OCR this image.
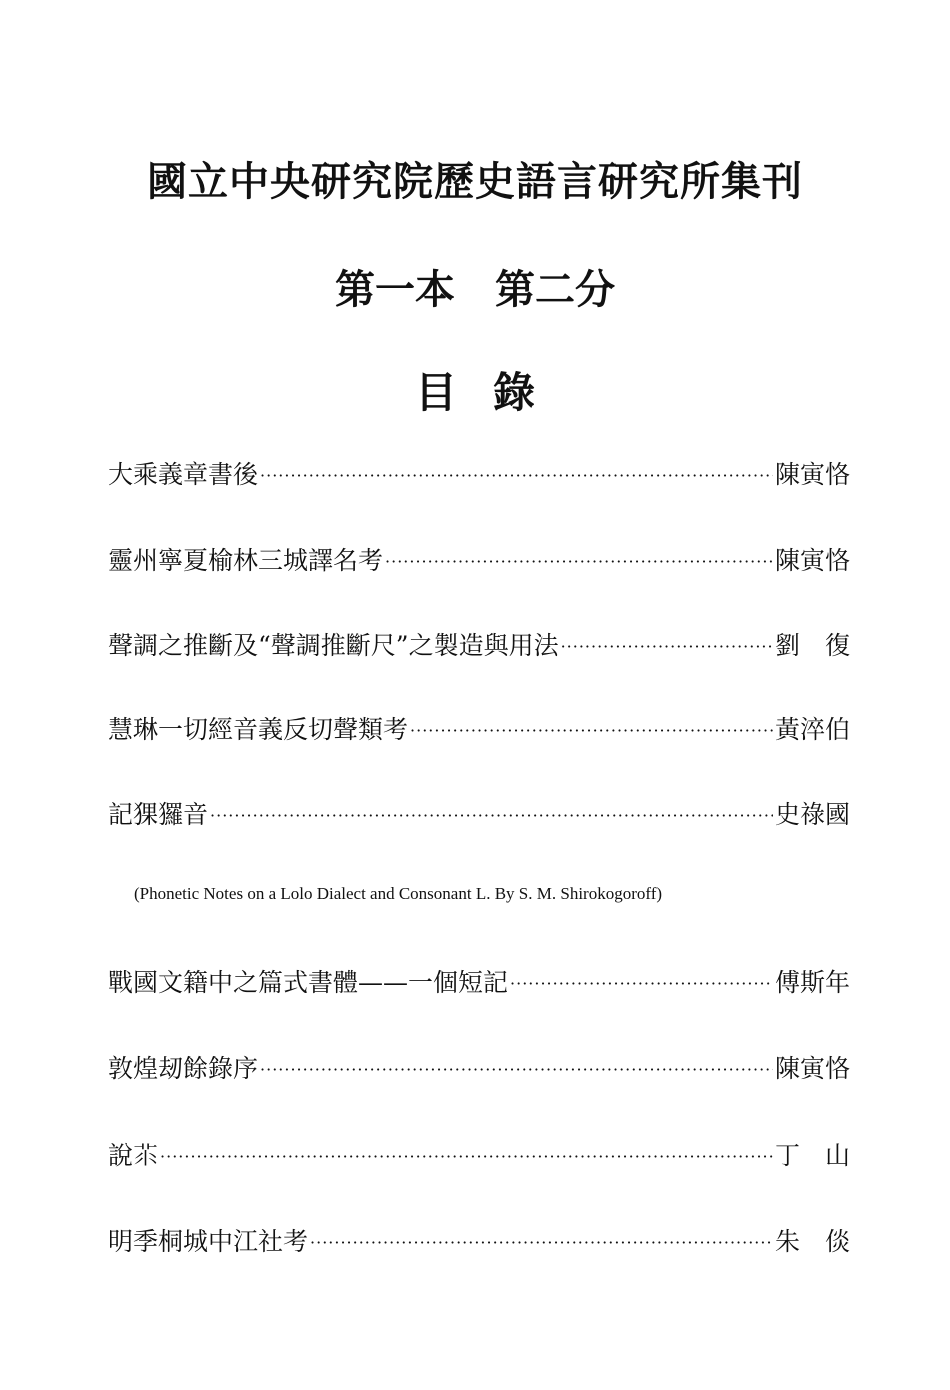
國立中央研究院歷史語言研究所集刊
第一本　第二分
目錄
大乘義章書後 ·····	陳寅恪
靈州寧夏榆林三城譯名考 ·····	陳寅恪
聲調之推斷及“聲調推斷尺”之製造與用法 ·····	劉　復
慧琳一切經音義反切聲類考 ·····	黃淬伯
記猓玀音 ·····	史祿國
(Phonetic Notes on a Lolo Dialect and Consonant L. By S. M. Shirokogoroff)
戰國文籍中之篇式書體——一個短記 ·····	傅斯年
敦煌刼餘錄序 ·····	陳寅恪
說𦭅 ·····	丁　山
明季桐城中江社考 ·····	朱　倓
